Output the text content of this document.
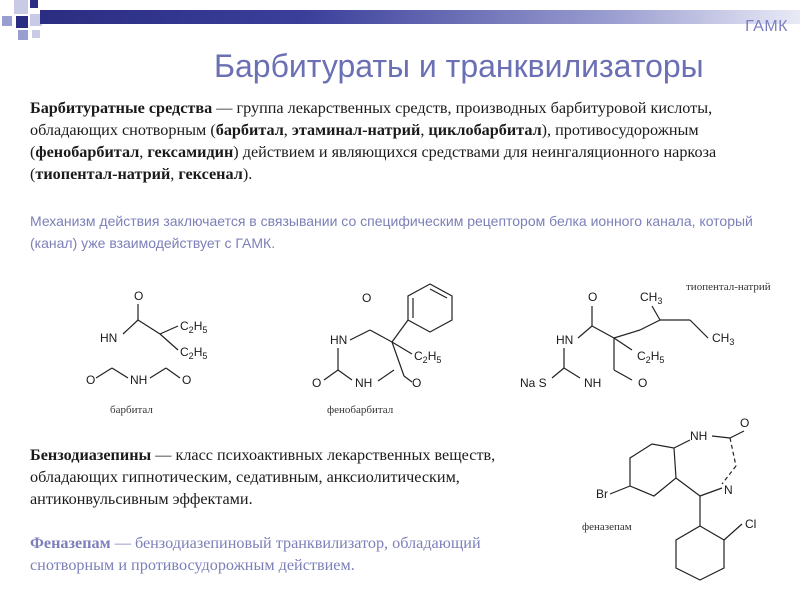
ГАМК
Барбитураты и транквилизаторы

Барбитуратные средства — группа лекарственных средств, производных барбитуровой кислоты, обладающих снотворным (барбитал, этаминал-натрий, циклобарбитал), противосудорожным (фенобарбитал, гексамидин) действием и являющихся средствами для неингаляционного наркоза (тиопентал-натрий, гексенал).

Механизм действия заключается в связывании со специфическим рецептором белка ионного канала, который (канал) уже взаимодействует с ГАМК.

O
HN
$C_2H_5$
$C_2H_5$
O	NH	O
барбитал
O
HN
$C_2H_5$
O	NH	O
фенобарбитал
тиопентал-натрий
O	$CH_3$
$CH_3$
HN
$C_2H_5$
Na S	NH	O
O
NH
N
Br
Cl
феназепам

Бензодиазепины — класс психоактивных лекарственных веществ, обладающих гипнотическим, седативным, анксиолитическим, антиконвульсивным эффектами.

Феназепам — бензодиазепиновый транквилизатор, обладающий снотворным и противосудорожным действием.
